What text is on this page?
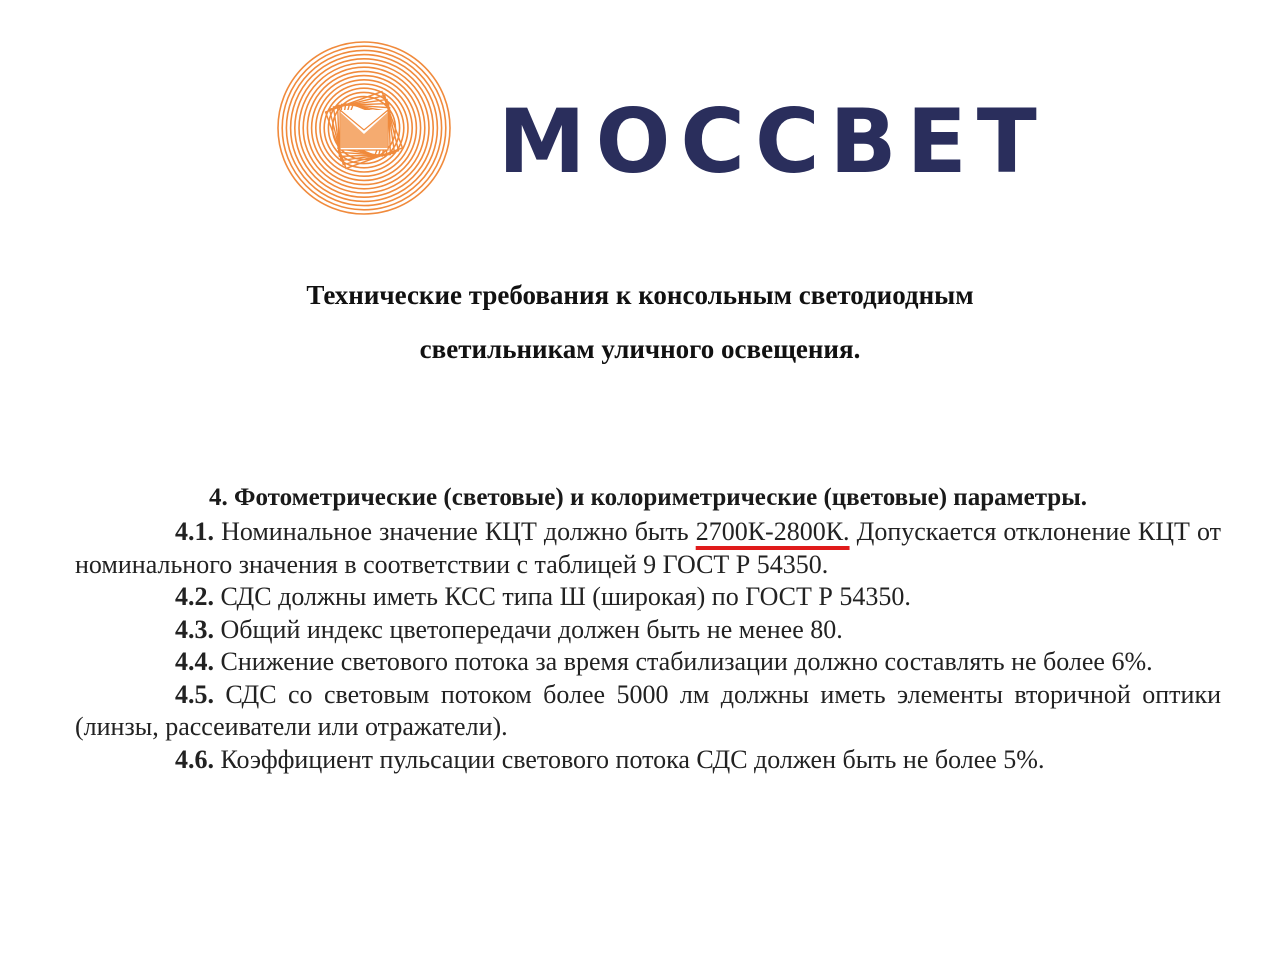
МОССВЕТ
Технические требования к консольным светодиодным
светильникам уличного освещения.

4. Фотометрические (световые) и колориметрические (цветовые) параметры.

4.1. Номинальное значение КЦТ должно быть 2700К-2800К. Допускается отклонение КЦТ от номинального значения в соответствии с таблицей 9 ГОСТ Р 54350.

4.2. СДС должны иметь КСС типа Ш (широкая) по ГОСТ Р 54350.

4.3. Общий индекс цветопередачи должен быть не менее 80.

4.4. Снижение светового потока за время стабилизации должно составлять не более 6%.

4.5. СДС со световым потоком более 5000 лм должны иметь элементы вторичной оптики (линзы, рассеиватели или отражатели).

4.6. Коэффициент пульсации светового потока СДС должен быть не более 5%.
